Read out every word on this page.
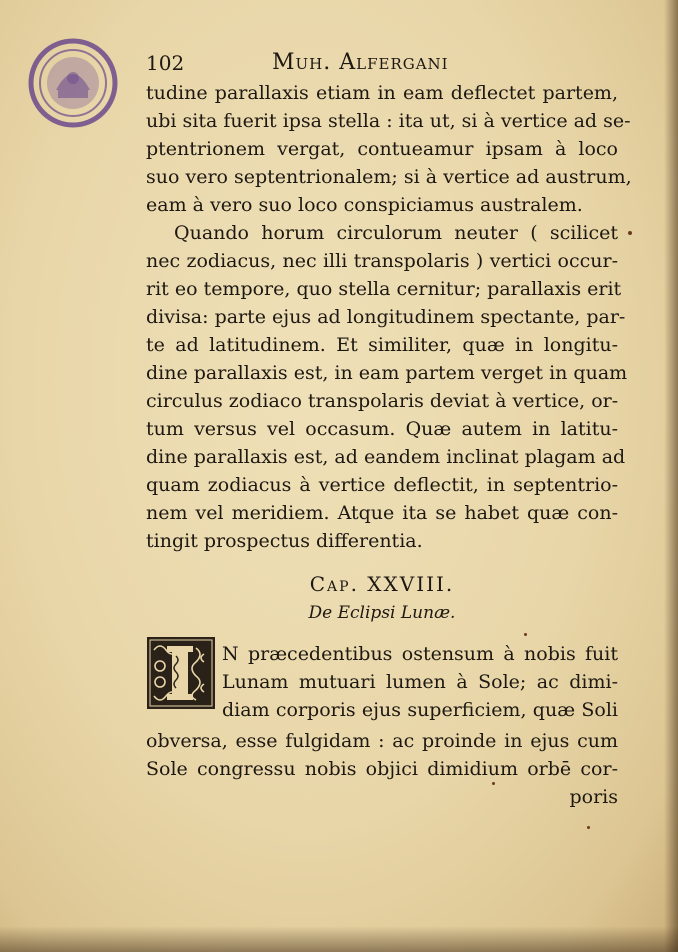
102	Muh. Alfergani
tudine parallaxis etiam in eam deflectet partem,
ubi sita fuerit ipsa stella : ita ut, si à vertice ad se-
ptentrionem vergat, contueamur ipsam à loco
suo vero septentrionalem; si à vertice ad austrum,
eam à vero suo loco conspiciamus australem.
Quando horum circulorum neuter ( scilicet
nec zodiacus, nec illi transpolaris ) vertici occur-
rit eo tempore, quo stella cernitur; parallaxis erit
divisa: parte ejus ad longitudinem spectante, par-
te ad latitudinem. Et similiter, quæ in longitu-
dine parallaxis est, in eam partem verget in quam
circulus zodiaco transpolaris deviat à vertice, or-
tum versus vel occasum. Quæ autem in latitu-
dine parallaxis est, ad eandem inclinat plagam ad
quam zodiacus à vertice deflectit, in septentrio-
nem vel meridiem. Atque ita se habet quæ con-
tingit prospectus differentia.
Cap. XXVIII.
De Eclipsi Lunæ.
I
N præcedentibus ostensum à nobis fuit
Lunam mutuari lumen à Sole; ac dimi-
diam corporis ejus superficiem, quæ Soli
obversa, esse fulgidam : ac proinde in ejus cum
Sole congressu nobis objici dimidium orbē cor-
poris
